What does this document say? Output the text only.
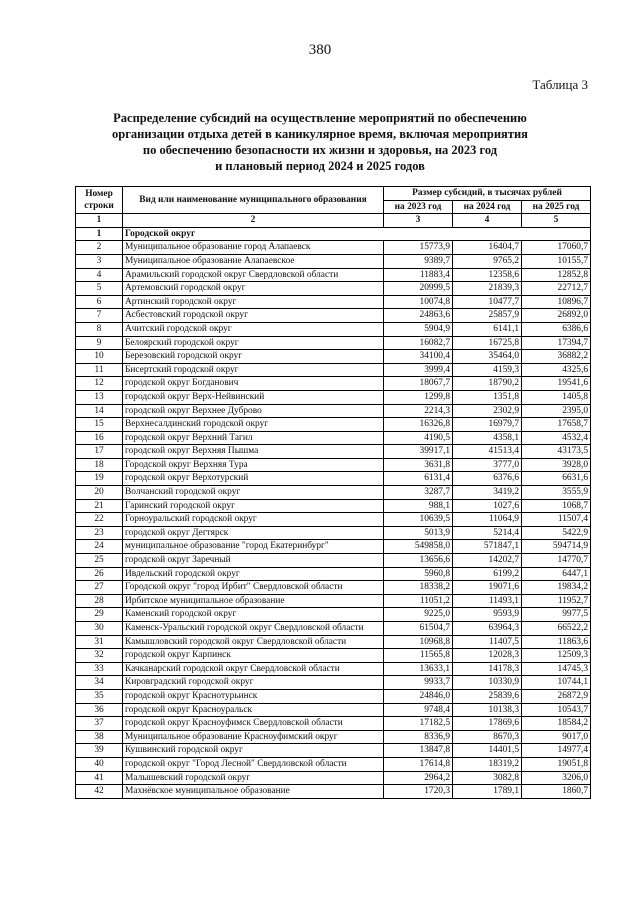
380
Таблица 3
Распределение субсидий на осуществление мероприятий по обеспечению
организации отдыха детей в каникулярное время, включая мероприятия
по обеспечению безопасности их жизни и здоровья, на 2023 год
и плановый период 2024 и 2025 годов
Номер строки	Вид или наименование муниципального образования	Размер субсидий, в тысячах рублей		
		на 2023 год	на 2024 год	на 2025 год
1	2	3	4	5
1	Городской округ			
2	Муниципальное образование город Алапаевск	15773,9	16404,7	17060,7
3	Муниципальное образование Алапаевское	9389,7	9765,2	10155,7
4	Арамильский городской округ Свердловской области	11883,4	12358,6	12852,8
5	Артемовский городской округ	20999,5	21839,3	22712,7
6	Артинский городской округ	10074,8	10477,7	10896,7
7	Асбестовский городской округ	24863,6	25857,9	26892,0
8	Ачитский городской округ	5904,9	6141,1	6386,6
9	Белоярский городской округ	16082,7	16725,8	17394,7
10	Березовский городской округ	34100,4	35464,0	36882,2
11	Бисертский городской округ	3999,4	4159,3	4325,6
12	городской округ Богданович	18067,7	18790,2	19541,6
13	городской округ Верх-Нейвинский	1299,8	1351,8	1405,8
14	городской округ Верхнее Дуброво	2214,3	2302,9	2395,0
15	Верхнесалдинский городской округ	16326,8	16979,7	17658,7
16	городской округ Верхний Тагил	4190,5	4358,1	4532,4
17	городской округ Верхняя Пышма	39917,1	41513,4	43173,5
18	Городской округ Верхняя Тура	3631,8	3777,0	3928,0
19	городской округ Верхотурский	6131,4	6376,6	6631,6
20	Волчанский городской округ	3287,7	3419,2	3555,9
21	Гаринский городской округ	988,1	1027,6	1068,7
22	Горноуральский городской округ	10639,5	11064,9	11507,4
23	городской округ Дегтярск	5013,9	5214,4	5422,9
24	муниципальное образование "город Екатеринбург"	549858,0	571847,1	594714,9
25	городской округ Заречный	13656,6	14202,7	14770,7
26	Ивдельский городской округ	5960,8	6199,2	6447,1
27	Городской округ "город Ирбит" Свердловской области	18338,2	19071,6	19834,2
28	Ирбитское муниципальное образование	11051,2	11493,1	11952,7
29	Каменский городской округ	9225,0	9593,9	9977,5
30	Каменск-Уральский городской округ Свердловской области	61504,7	63964,3	66522,2
31	Камышловский городской округ Свердловской области	10968,8	11407,5	11863,6
32	городской округ Карпинск	11565,8	12028,3	12509,3
33	Качканарский городской округ Свердловской области	13633,1	14178,3	14745,3
34	Кировградский городской округ	9933,7	10330,9	10744,1
35	городской округ Краснотурьинск	24846,0	25839,6	26872,9
36	городской округ Красноуральск	9748,4	10138,3	10543,7
37	городской округ Красноуфимск Свердловской области	17182,5	17869,6	18584,2
38	Муниципальное образование Красноуфимский округ	8336,9	8670,3	9017,0
39	Кушвинский городской округ	13847,8	14401,5	14977,4
40	городской округ "Город Лесной" Свердловской области	17614,8	18319,2	19051,8
41	Малышевский городской округ	2964,2	3082,8	3206,0
42	Махнёвское муниципальное образование	1720,3	1789,1	1860,7
